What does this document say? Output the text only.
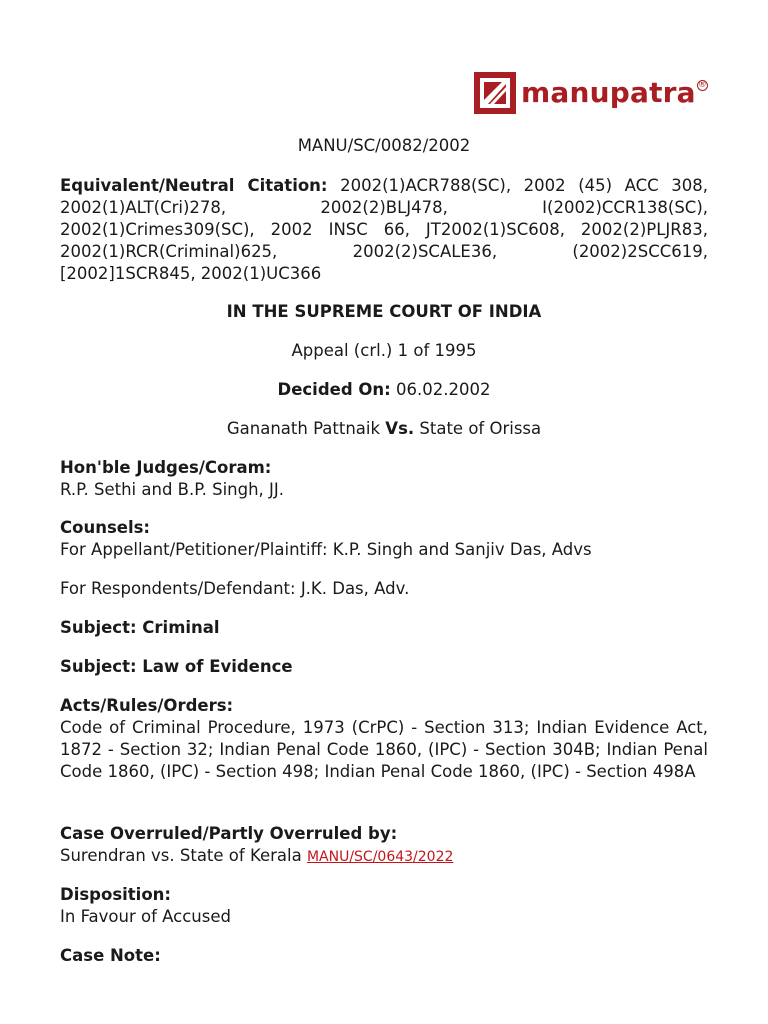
manupatra ®
MANU/SC/0082/2002
Equivalent/Neutral Citation: 2002(1)ACR788(SC), 2002 (45) ACC 308, 2002(1)ALT(Cri)278, 2002(2)BLJ478, I(2002)CCR138(SC), 2002(1)Crimes309(SC), 2002 INSC 66, JT2002(1)SC608, 2002(2)PLJR83, 2002(1)RCR(Criminal)625, 2002(2)SCALE36, (2002)2SCC619, [2002]1SCR845, 2002(1)UC366
IN THE SUPREME COURT OF INDIA
Appeal (crl.) 1 of 1995
Decided On: 06.02.2002
Gananath Pattnaik Vs. State of Orissa
Hon'ble Judges/Coram:
R.P. Sethi and B.P. Singh, JJ.
Counsels:
For Appellant/Petitioner/Plaintiff: K.P. Singh and Sanjiv Das, Advs
For Respondents/Defendant: J.K. Das, Adv.
Subject: Criminal
Subject: Law of Evidence
Acts/Rules/Orders:
Code of Criminal Procedure, 1973 (CrPC) - Section 313; Indian Evidence Act, 1872 - Section 32; Indian Penal Code 1860, (IPC) - Section 304B; Indian Penal Code 1860, (IPC) - Section 498; Indian Penal Code 1860, (IPC) - Section 498A
Case Overruled/Partly Overruled by:
Surendran vs. State of Kerala MANU/SC/0643/2022
Disposition:
In Favour of Accused
Case Note:
